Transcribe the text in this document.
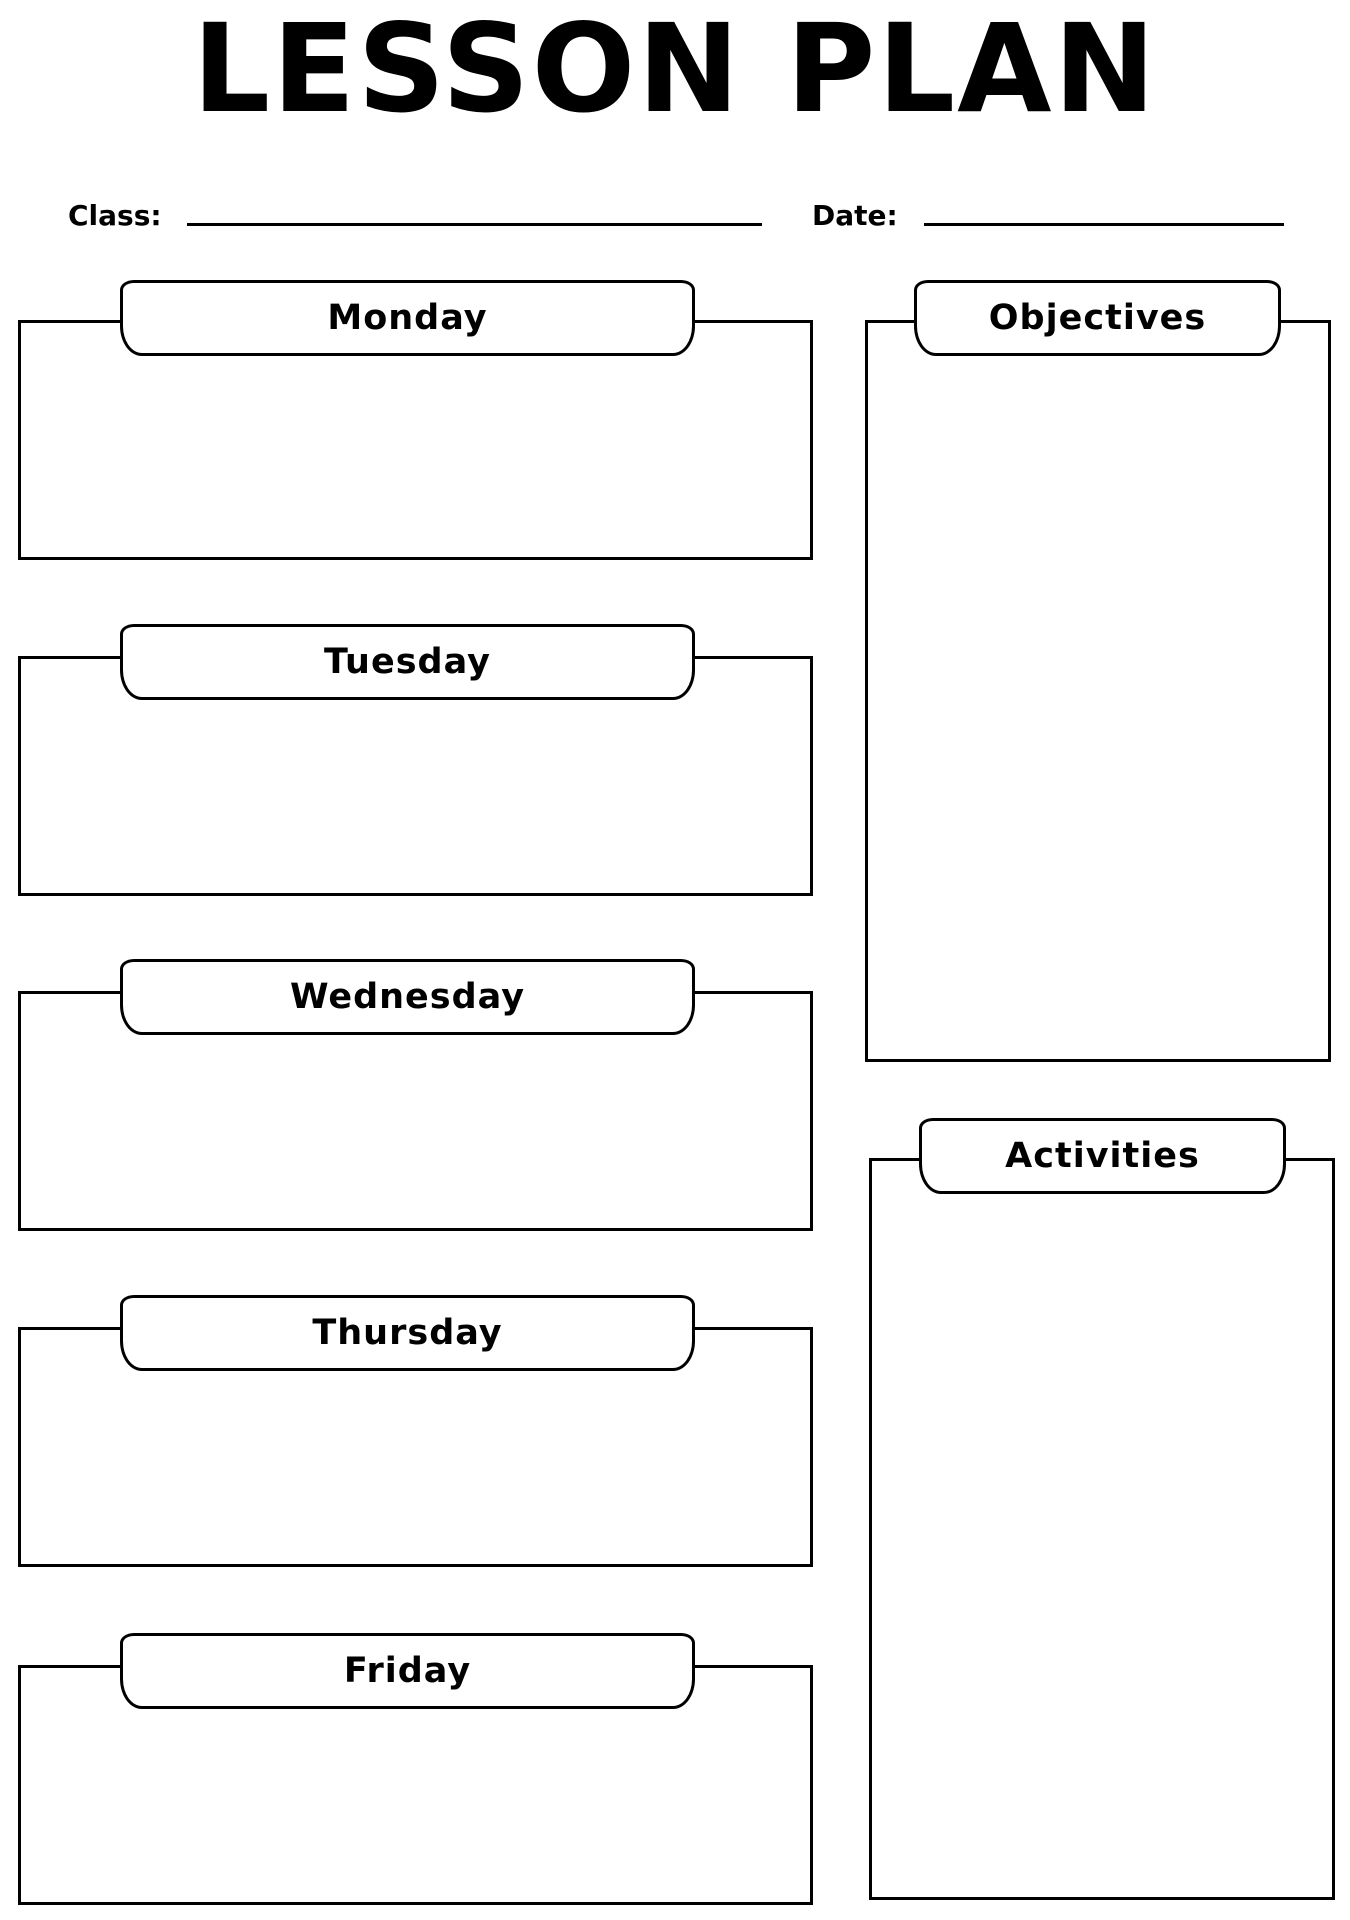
LESSON PLAN
Class:	Date:
Monday
Tuesday
Wednesday
Thursday
Friday
Objectives
Activities
